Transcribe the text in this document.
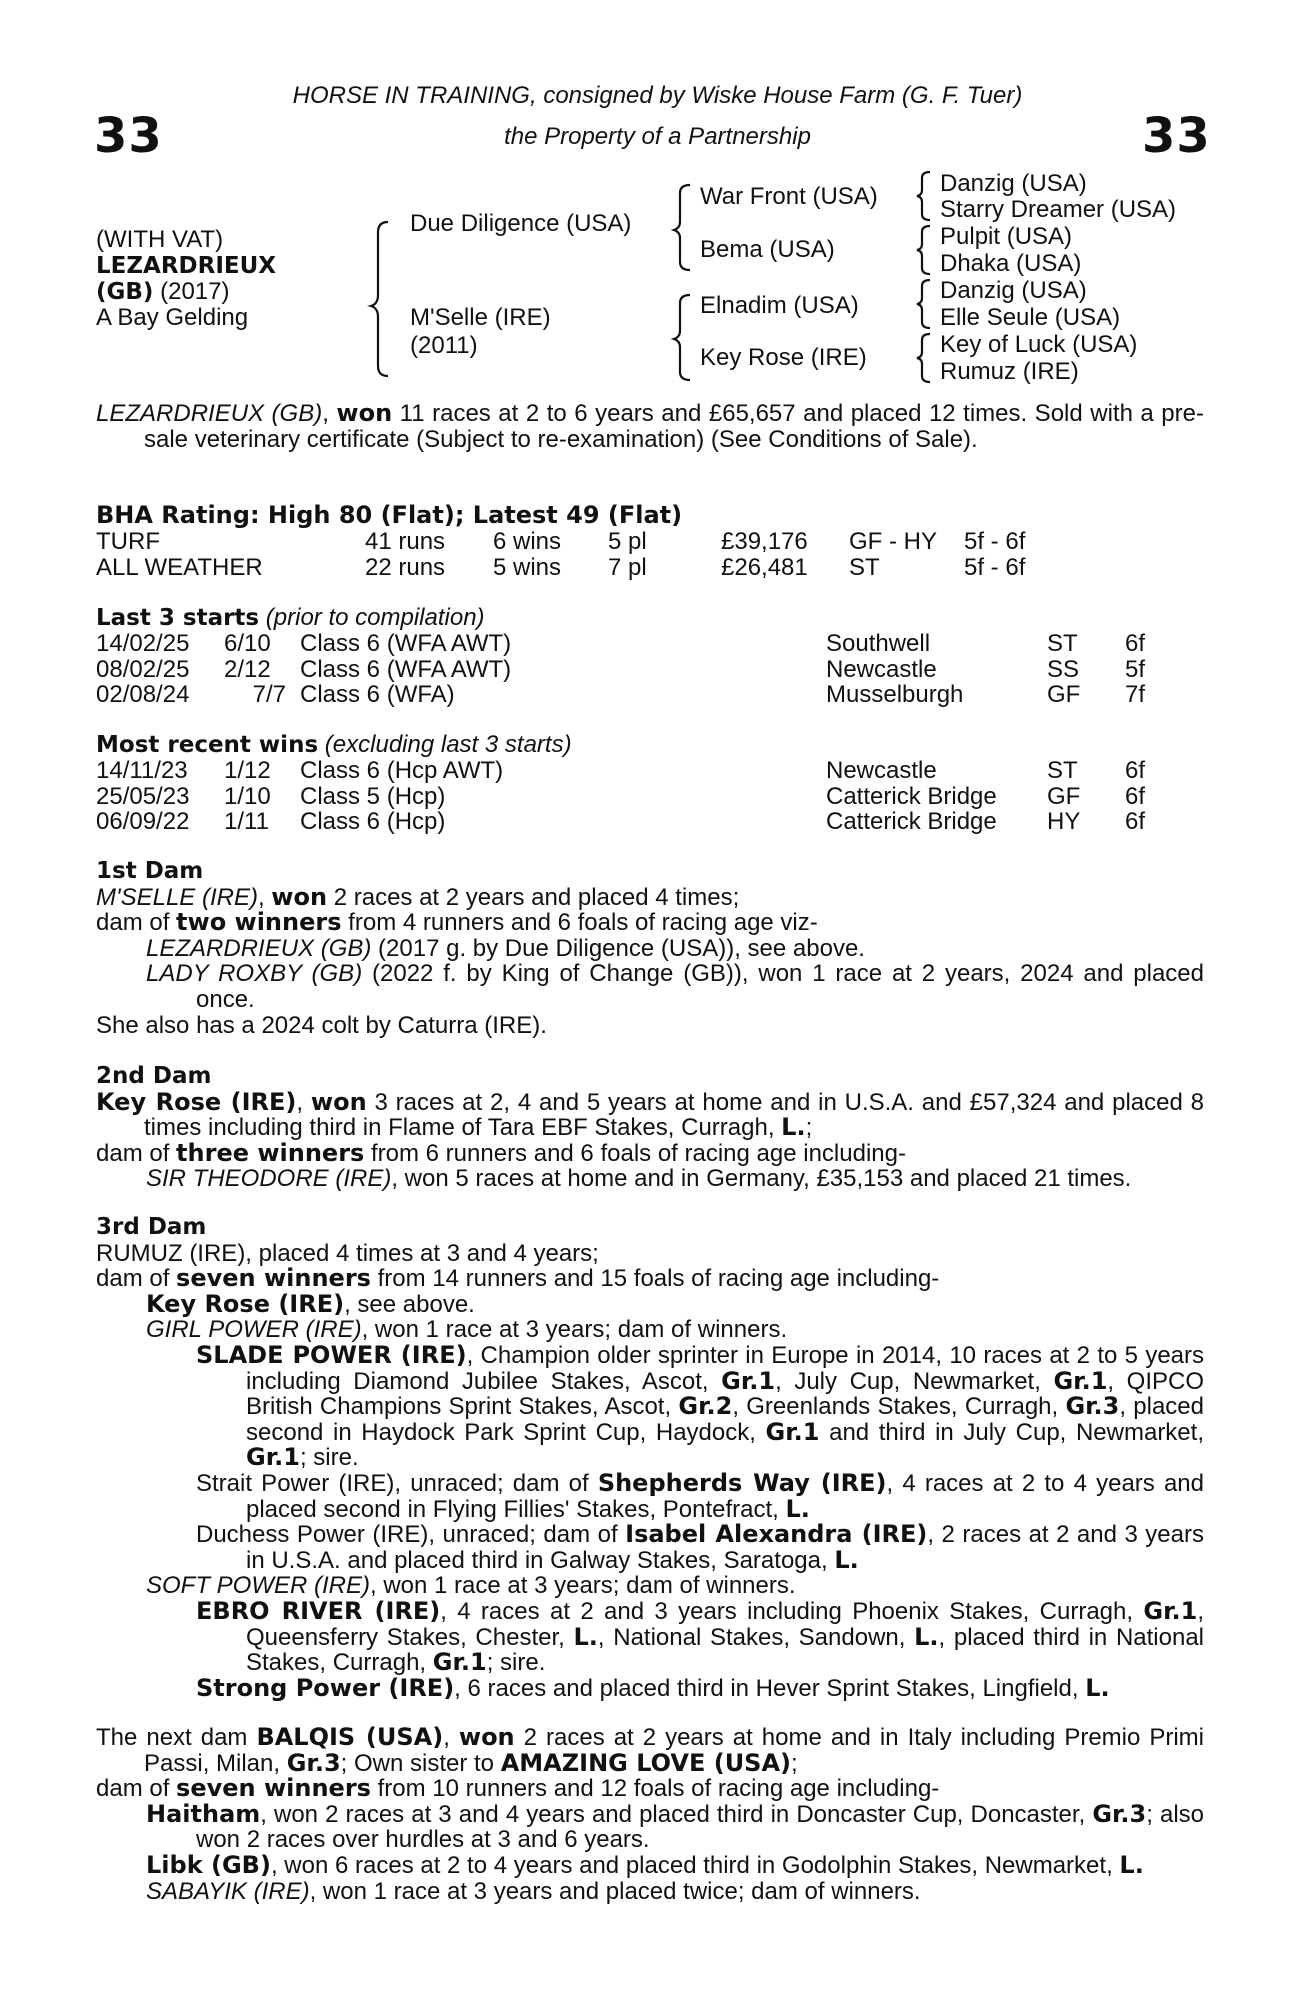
33	33
HORSE IN TRAINING, consigned by Wiske House Farm (G. F. Tuer)
the Property of a Partnership
(WITH VAT)
LEZARDRIEUX
(GB) (2017)
A Bay Gelding
Due Diligence (USA)
M'Selle (IRE)
(2011)
War Front (USA)
Bema (USA)
Elnadim (USA)
Key Rose (IRE)
Danzig (USA)
Starry Dreamer (USA)
Pulpit (USA)
Dhaka (USA)
Danzig (USA)
Elle Seule (USA)
Key of Luck (USA)
Rumuz (IRE)

LEZARDRIEUX (GB), won 11 races at 2 to 6 years and £65,657 and placed 12 times. Sold with a pre-sale veterinary certificate (Subject to re-examination) (See Conditions of Sale).

BHA Rating: High 80 (Flat); Latest 49 (Flat)
TURF	41 runs	6 wins	5 pl	£39,176	GF - HY	5f - 6f
ALL WEATHER	22 runs	5 wins	7 pl	£26,481	ST	5f - 6f
Last 3 starts (prior to compilation)
14/02/25	6/10	Class 6 (WFA AWT)	Southwell	ST	6f
08/02/25	2/12	Class 6 (WFA AWT)	Newcastle	SS	5f
02/08/24	7/7	Class 6 (WFA)	Musselburgh	GF	7f
Most recent wins (excluding last 3 starts)
14/11/23	1/12	Class 6 (Hcp AWT)	Newcastle	ST	6f
25/05/23	1/10	Class 5 (Hcp)	Catterick Bridge	GF	6f
06/09/22	1/11	Class 6 (Hcp)	Catterick Bridge	HY	6f
1st Dam

M'SELLE (IRE), won 2 races at 2 years and placed 4 times;

dam of two winners from 4 runners and 6 foals of racing age viz-

LEZARDRIEUX (GB) (2017 g. by Due Diligence (USA)), see above.

LADY ROXBY (GB) (2022 f. by King of Change (GB)), won 1 race at 2 years, 2024 and placed once.

She also has a 2024 colt by Caturra (IRE).

2nd Dam

Key Rose (IRE), won 3 races at 2, 4 and 5 years at home and in U.S.A. and £57,324 and placed 8 times including third in Flame of Tara EBF Stakes, Curragh, L.;

dam of three winners from 6 runners and 6 foals of racing age including-

SIR THEODORE (IRE), won 5 races at home and in Germany, £35,153 and placed 21 times.

3rd Dam

RUMUZ (IRE), placed 4 times at 3 and 4 years;

dam of seven winners from 14 runners and 15 foals of racing age including-

Key Rose (IRE), see above.

GIRL POWER (IRE), won 1 race at 3 years; dam of winners.

SLADE POWER (IRE), Champion older sprinter in Europe in 2014, 10 races at 2 to 5 years including Diamond Jubilee Stakes, Ascot, Gr.1, July Cup, Newmarket, Gr.1, QIPCO British Champions Sprint Stakes, Ascot, Gr.2, Greenlands Stakes, Curragh, Gr.3, placed second in Haydock Park Sprint Cup, Haydock, Gr.1 and third in July Cup, Newmarket, Gr.1; sire.

Strait Power (IRE), unraced; dam of Shepherds Way (IRE), 4 races at 2 to 4 years and placed second in Flying Fillies' Stakes, Pontefract, L.

Duchess Power (IRE), unraced; dam of Isabel Alexandra (IRE), 2 races at 2 and 3 years in U.S.A. and placed third in Galway Stakes, Saratoga, L.

SOFT POWER (IRE), won 1 race at 3 years; dam of winners.

EBRO RIVER (IRE), 4 races at 2 and 3 years including Phoenix Stakes, Curragh, Gr.1, Queensferry Stakes, Chester, L., National Stakes, Sandown, L., placed third in National Stakes, Curragh, Gr.1; sire.

Strong Power (IRE), 6 races and placed third in Hever Sprint Stakes, Lingfield, L.

The next dam BALQIS (USA), won 2 races at 2 years at home and in Italy including Premio Primi Passi, Milan, Gr.3; Own sister to AMAZING LOVE (USA);

dam of seven winners from 10 runners and 12 foals of racing age including-

Haitham, won 2 races at 3 and 4 years and placed third in Doncaster Cup, Doncaster, Gr.3; also won 2 races over hurdles at 3 and 6 years.

Libk (GB), won 6 races at 2 to 4 years and placed third in Godolphin Stakes, Newmarket, L.

SABAYIK (IRE), won 1 race at 3 years and placed twice; dam of winners.
